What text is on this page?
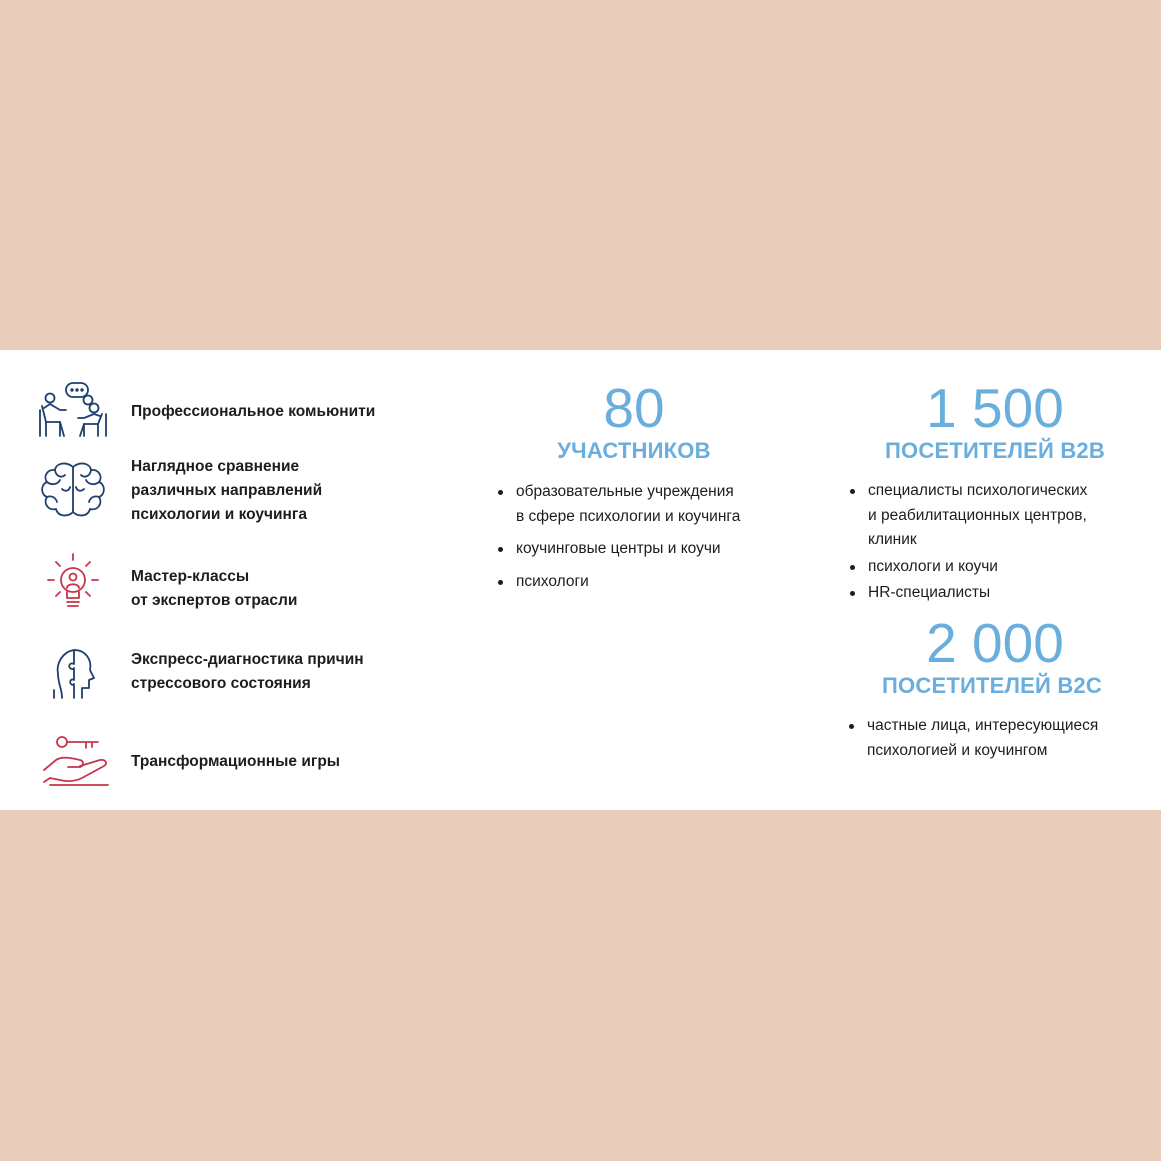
Профессиональное комьюнити
Наглядное сравнение
различных направлений
психологии и коучинга
Мастер-классы
от экспертов отрасли
Экспресс-диагностика причин
стрессового состояния
Трансформационные игры
80
УЧАСТНИКОВ
образовательные учреждения
в сфере психологии и коучинга
коучинговые центры и коучи
психологи
1 500
ПОСЕТИТЕЛЕЙ B2B
специалисты психологических
и реабилитационных центров,
клиник
психологи и коучи
HR-специалисты
2 000
ПОСЕТИТЕЛЕЙ B2C
частные лица, интересующиеся
психологией и коучингом
